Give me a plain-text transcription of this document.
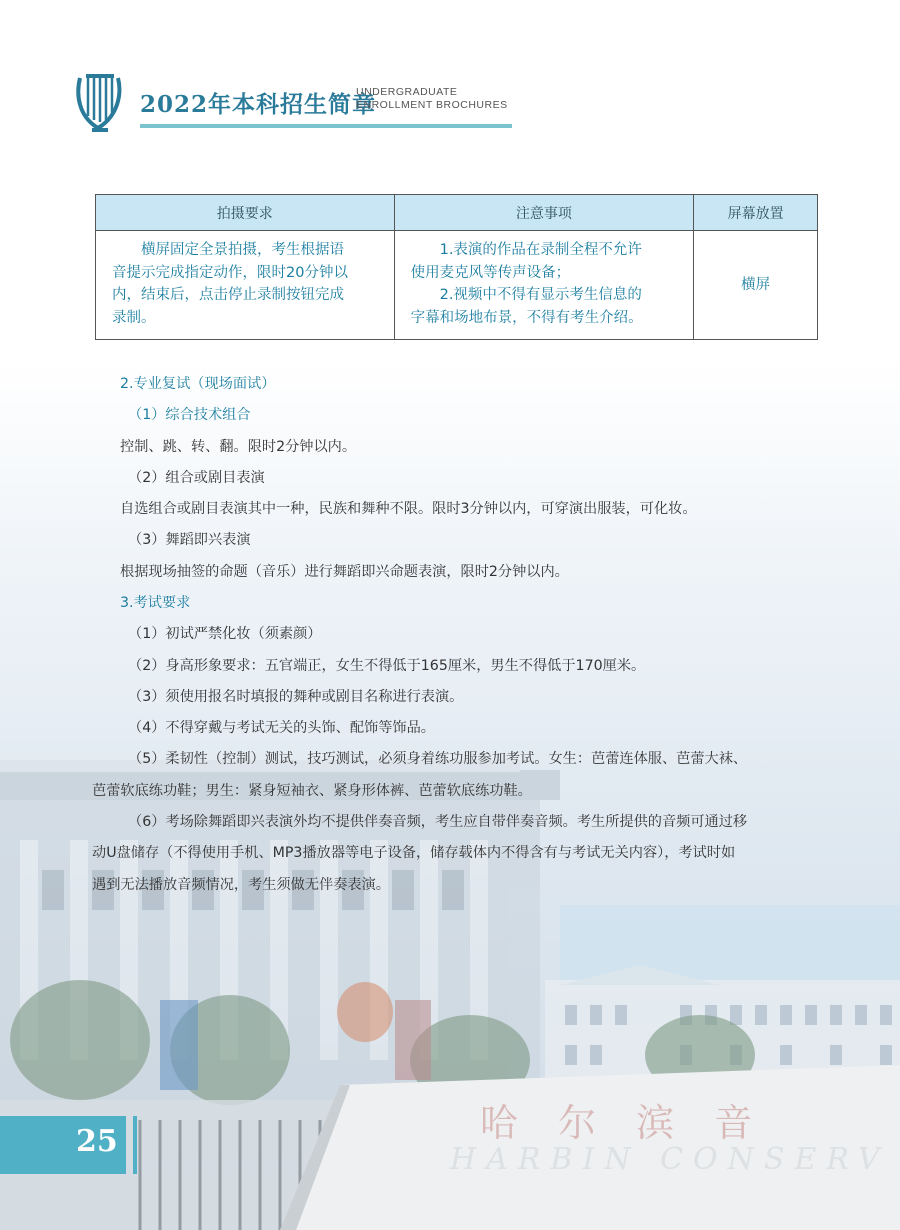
哈 尔 滨 音
HARBIN CONSERV
2022年本科招生简章
UNDERGRADUATE
ENROLLMENT BROCHURES
拍摄要求	注意事项	屏幕放置

横屏固定全景拍摄，考生根据语
音提示完成指定动作，限时20分钟以
内，结束后，点击停止录制按钮完成
录制。	1.表演的作品在录制全程不允许
使用麦克风等传声设备；
2.视频中不得有显示考生信息的
字幕和场地布景，不得有考生介绍。	横屏
2.专业复试（现场面试）
（1）综合技术组合
控制、跳、转、翻。限时2分钟以内。
（2）组合或剧目表演
自选组合或剧目表演其中一种，民族和舞种不限。限时3分钟以内，可穿演出服装，可化妆。
（3）舞蹈即兴表演
根据现场抽签的命题（音乐）进行舞蹈即兴命题表演，限时2分钟以内。
3.考试要求
（1）初试严禁化妆（须素颜）
（2）身高形象要求：五官端正，女生不得低于165厘米，男生不得低于170厘米。
（3）须使用报名时填报的舞种或剧目名称进行表演。
（4）不得穿戴与考试无关的头饰、配饰等饰品。
（5）柔韧性（控制）测试，技巧测试，必须身着练功服参加考试。女生：芭蕾连体服、芭蕾大袜、
芭蕾软底练功鞋；男生：紧身短袖衣、紧身形体裤、芭蕾软底练功鞋。
（6）考场除舞蹈即兴表演外均不提供伴奏音频，考生应自带伴奏音频。考生所提供的音频可通过移
动U盘储存（不得使用手机、MP3播放器等电子设备，储存载体内不得含有与考试无关内容），考试时如
遇到无法播放音频情况，考生须做无伴奏表演。
25
